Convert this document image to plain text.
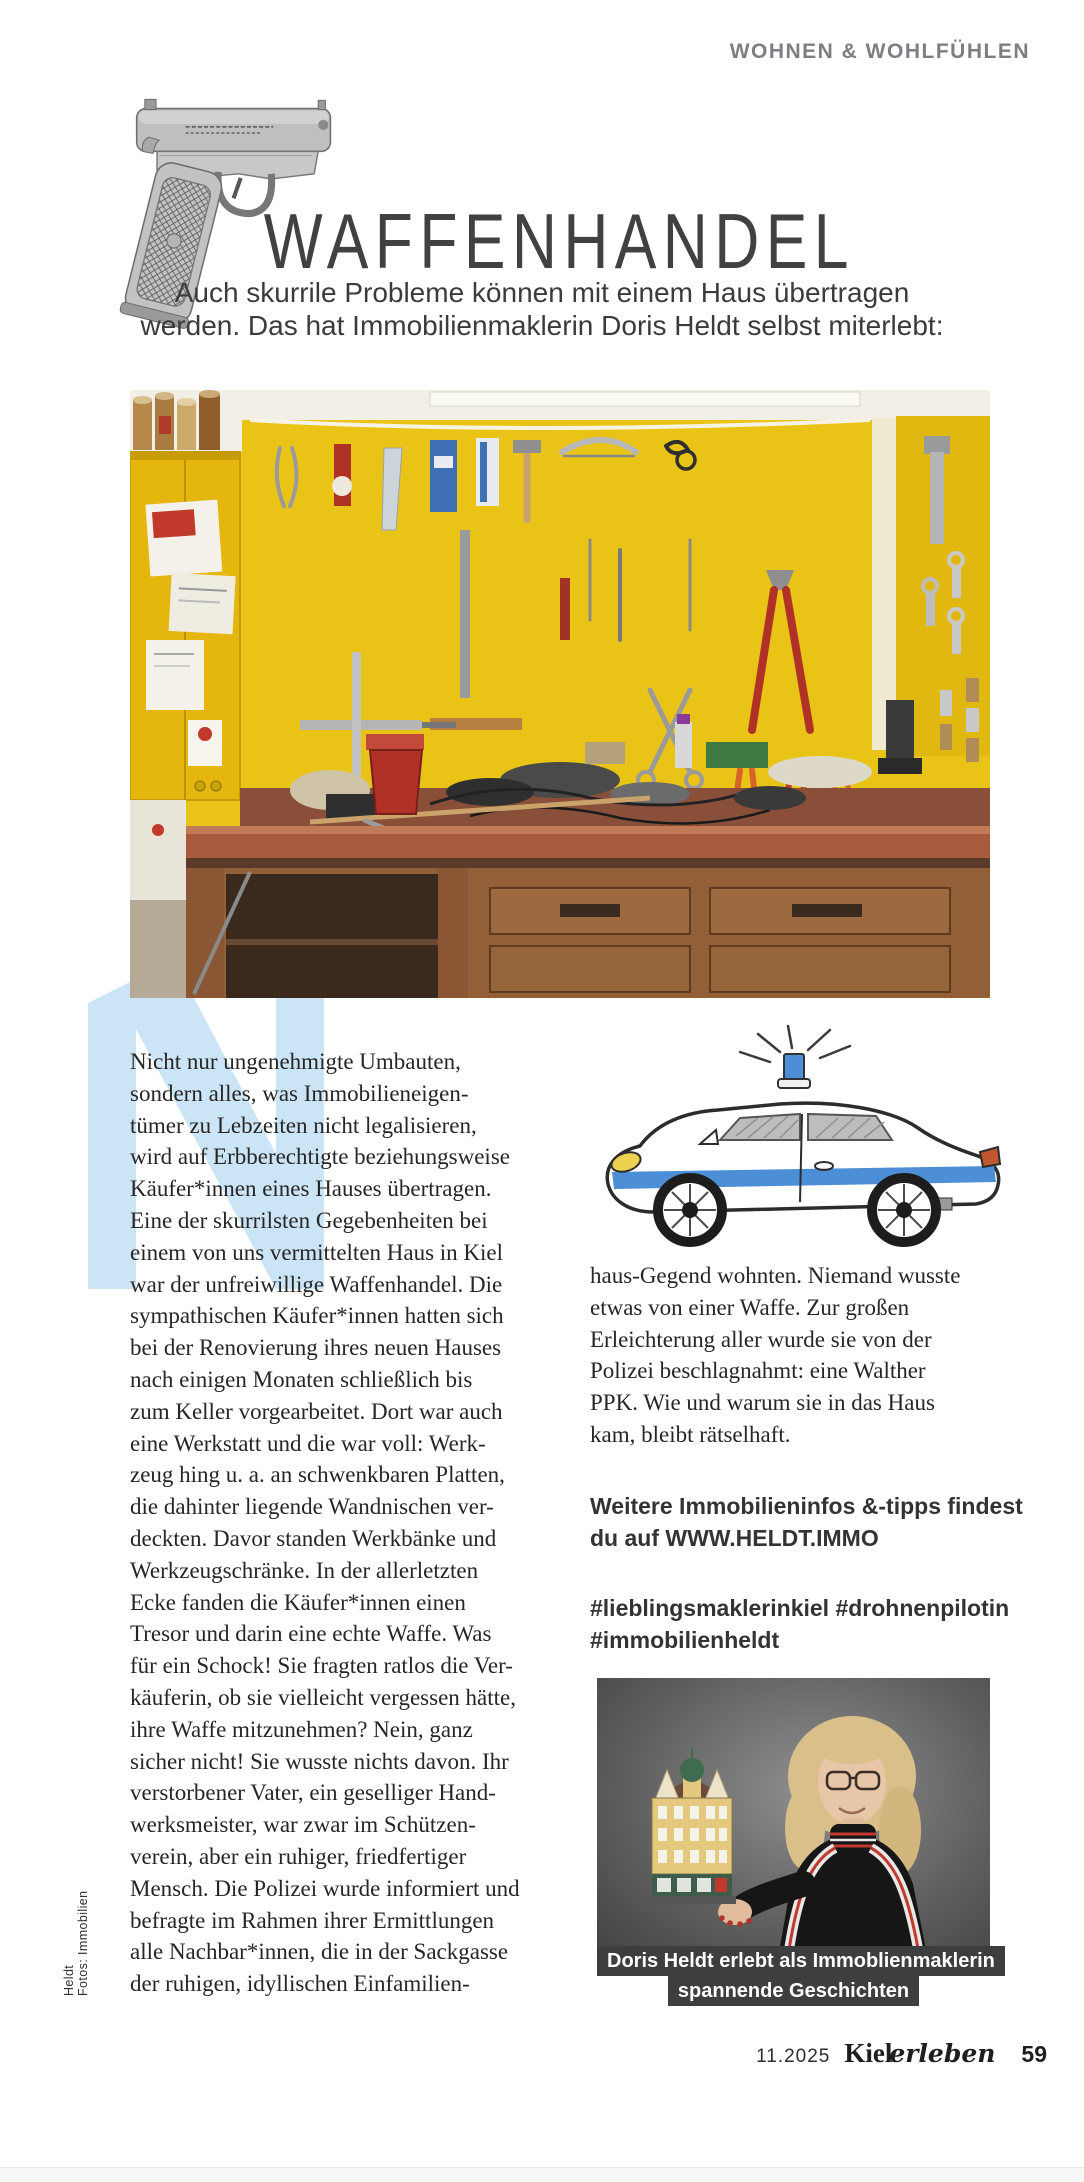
WOHNEN & WOHLFÜHLEN
WAFFENHANDEL
Auch skurrile Probleme können mit einem Haus übertragen
werden. Das hat Immobilienmaklerin Doris Heldt selbst miterlebt:
Nicht nur ungenehmigte Umbauten,
sondern alles, was Immobilieneigen-
tümer zu Lebzeiten nicht legalisieren,
wird auf Erbberechtigte beziehungsweise
Käufer*innen eines Hauses übertragen.
Eine der skurrilsten Gegebenheiten bei
einem von uns vermittelten Haus in Kiel
war der unfreiwillige Waffenhandel. Die
sympathischen Käufer*innen hatten sich
bei der Renovierung ihres neuen Hauses
nach einigen Monaten schließlich bis
zum Keller vorgearbeitet. Dort war auch
eine Werkstatt und die war voll: Werk-
zeug hing u. a. an schwenkbaren Platten,
die dahinter liegende Wandnischen ver-
deckten. Davor standen Werkbänke und
Werkzeugschränke. In der allerletzten
Ecke fanden die Käufer*innen einen
Tresor und darin eine echte Waffe. Was
für ein Schock! Sie fragten ratlos die Ver-
käuferin, ob sie vielleicht vergessen hätte,
ihre Waffe mitzunehmen? Nein, ganz
sicher nicht! Sie wusste nichts davon. Ihr
verstorbener Vater, ein geselliger Hand-
werksmeister, war zwar im Schützen-
verein, aber ein ruhiger, friedfertiger
Mensch. Die Polizei wurde informiert und
befragte im Rahmen ihrer Ermittlungen
alle Nachbar*innen, die in der Sackgasse
der ruhigen, idyllischen Einfamilien-
haus-Gegend wohnten. Niemand wusste
etwas von einer Waffe. Zur großen
Erleichterung aller wurde sie von der
Polizei beschlagnahmt: eine Walther
PPK. Wie und warum sie in das Haus
kam, bleibt rätselhaft.
Weitere Immobilieninfos &-tipps findest
du auf WWW.HELDT.IMMO
#lieblingsmaklerinkiel #drohnenpilotin
#immobilienheldt
Doris Heldt erlebt als Immoblienmaklerin
spannende Geschichten
Fotos: Immobilien Heldt
11.2025 Kielerleben 59
